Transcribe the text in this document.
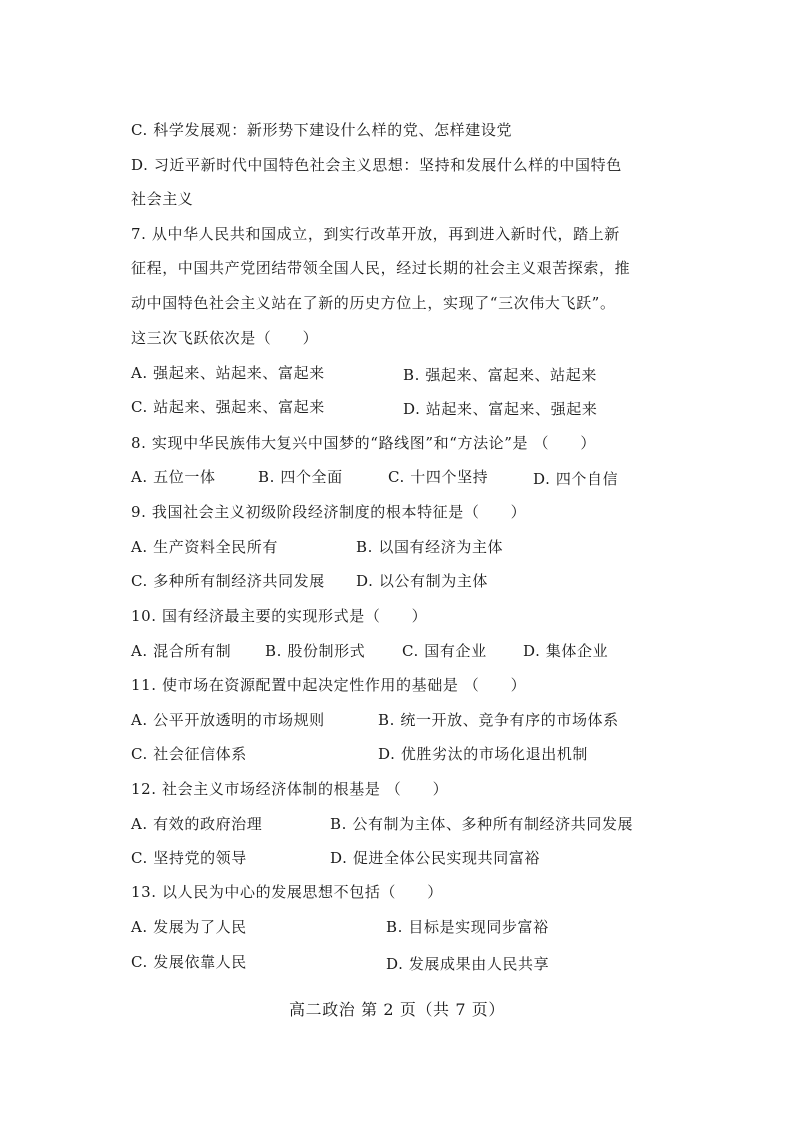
C. 科学发展观：新形势下建设什么样的党、怎样建设党
D. 习近平新时代中国特色社会主义思想：坚持和发展什么样的中国特色
社会主义
7. 从中华人民共和国成立，到实行改革开放，再到进入新时代，踏上新
征程，中国共产党团结带领全国人民，经过长期的社会主义艰苦探索，推
动中国特色社会主义站在了新的历史方位上，实现了“三次伟大飞跃”。
这三次飞跃依次是（　　）
A. 强起来、站起来、富起来	B. 强起来、富起来、站起来
C. 站起来、强起来、富起来	D. 站起来、富起来、强起来
8. 实现中华民族伟大复兴中国梦的“路线图”和“方法论”是 （　　）
A. 五位一体	B. 四个全面	C. 十四个坚持	D. 四个自信
9. 我国社会主义初级阶段经济制度的根本特征是（　　）
A. 生产资料全民所有	B. 以国有经济为主体
C. 多种所有制经济共同发展 D. 以公有制为主体
10. 国有经济最主要的实现形式是（　　）
A. 混合所有制 B. 股份制形式 C. 国有企业 D. 集体企业
11. 使市场在资源配置中起决定性作用的基础是 （　　）
A. 公平开放透明的市场规则	B. 统一开放、竞争有序的市场体系
C. 社会征信体系	D. 优胜劣汰的市场化退出机制
12. 社会主义市场经济体制的根基是 （　　）
A. 有效的政府治理	B. 公有制为主体、多种所有制经济共同发展
C. 坚持党的领导	D. 促进全体公民实现共同富裕
13. 以人民为中心的发展思想不包括（　　）
A. 发展为了人民	B. 目标是实现同步富裕
C. 发展依靠人民	D. 发展成果由人民共享
高二政治 第 2 页（共 7 页）
